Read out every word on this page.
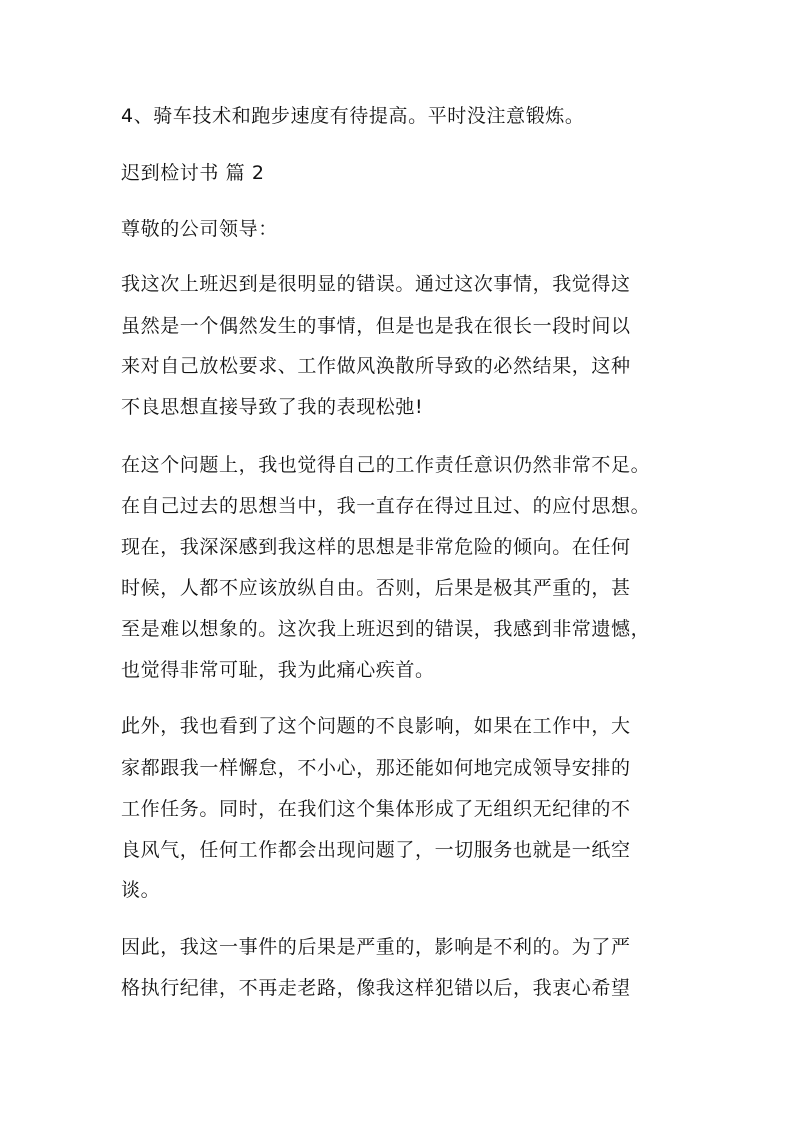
4、骑车技术和跑步速度有待提高。平时没注意锻炼。

迟到检讨书 篇 2

尊敬的公司领导：

我这次上班迟到是很明显的错误。通过这次事情，我觉得这

虽然是一个偶然发生的事情，但是也是我在很长一段时间以

来对自己放松要求、工作做风涣散所导致的必然结果，这种

不良思想直接导致了我的表现松弛!

在这个问题上，我也觉得自己的工作责任意识仍然非常不足。

在自己过去的思想当中，我一直存在得过且过、的应付思想。

现在，我深深感到我这样的思想是非常危险的倾向。在任何

时候，人都不应该放纵自由。否则，后果是极其严重的，甚

至是难以想象的。这次我上班迟到的错误，我感到非常遗憾，

也觉得非常可耻，我为此痛心疾首。

此外，我也看到了这个问题的不良影响，如果在工作中，大

家都跟我一样懈怠，不小心，那还能如何地完成领导安排的

工作任务。同时，在我们这个集体形成了无组织无纪律的不

良风气，任何工作都会出现问题了，一切服务也就是一纸空

谈。

因此，我这一事件的后果是严重的，影响是不利的。为了严

格执行纪律，不再走老路，像我这样犯错以后，我衷心希望
